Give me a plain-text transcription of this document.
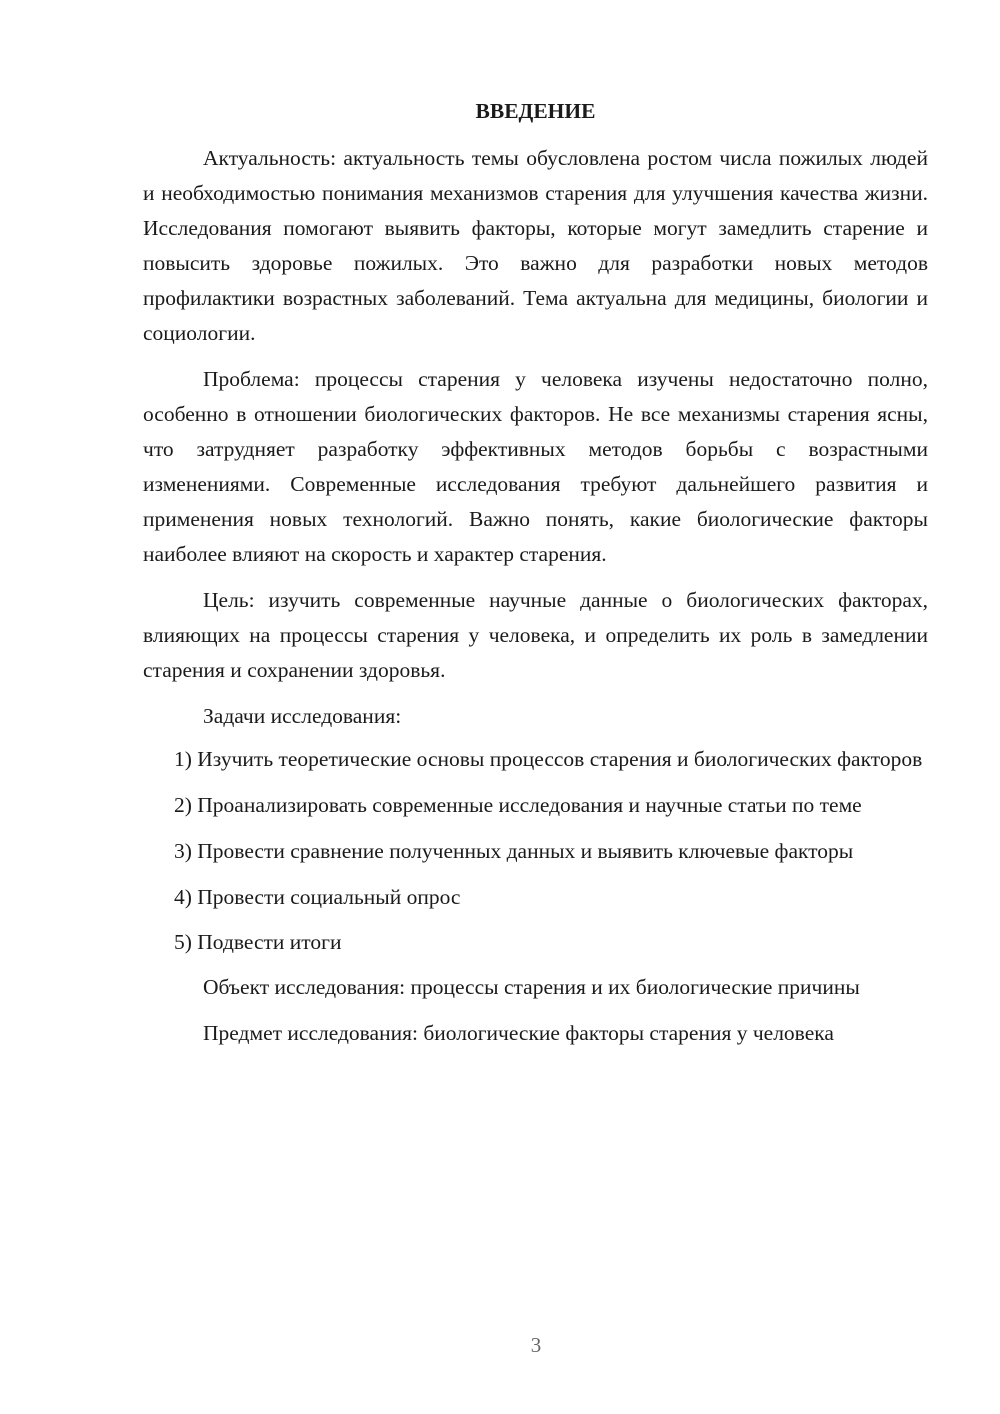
ВВЕДЕНИЕ

Актуальность: актуальность темы обусловлена ростом числа пожилых людей и необходимостью понимания механизмов старения для улучшения качества жизни. Исследования помогают выявить факторы, которые могут замедлить старение и повысить здоровье пожилых. Это важно для разработки новых методов профилактики возрастных заболеваний. Тема актуальна для медицины, биологии и социологии.

Проблема: процессы старения у человека изучены недостаточно полно, особенно в отношении биологических факторов. Не все механизмы старения ясны, что затрудняет разработку эффективных методов борьбы с возрастными изменениями. Современные исследования требуют дальнейшего развития и применения новых технологий. Важно понять, какие биологические факторы наиболее влияют на скорость и характер старения.

Цель: изучить современные научные данные о биологических факторах, влияющих на процессы старения у человека, и определить их роль в замедлении старения и сохранении здоровья.

Задачи исследования:

1) Изучить теоретические основы процессов старения и биологических факторов

2) Проанализировать современные исследования и научные статьи по теме

3) Провести сравнение полученных данных и выявить ключевые факторы

4) Провести социальный опрос

5) Подвести итоги

Объект исследования: процессы старения и их биологические причины

Предмет исследования: биологические факторы старения у человека

3
